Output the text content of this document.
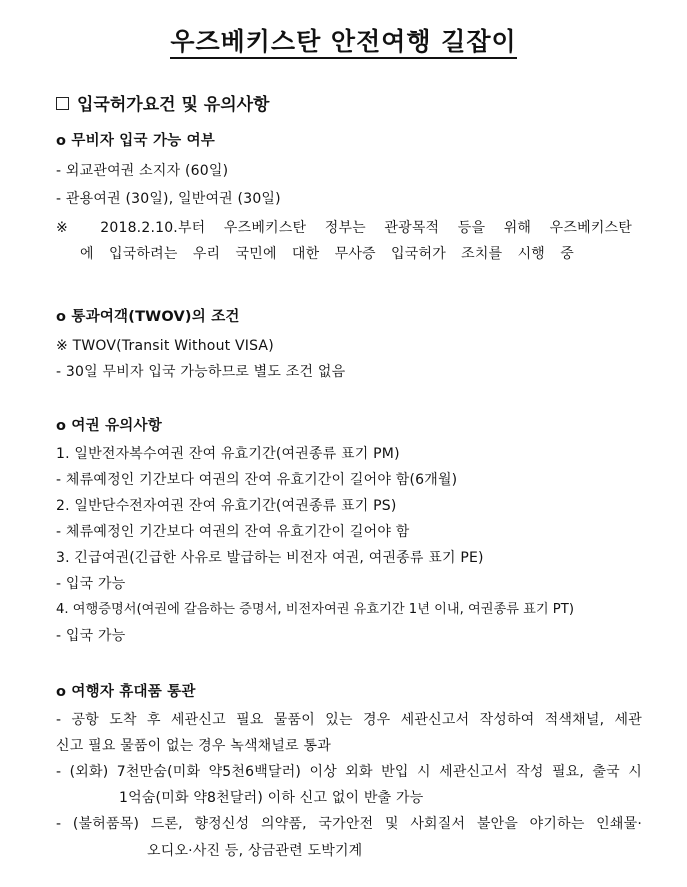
우즈베키스탄 안전여행 길잡이
입국허가요건 및 유의사항
o 무비자 입국 가능 여부
- 외교관여권 소지자 (60일)
- 관용여권 (30일), 일반여권 (30일)
※ 2018.2.10.부터 우즈베키스탄 정부는 관광목적 등을 위해 우즈베키스탄
에 입국하려는 우리 국민에 대한 무사증 입국허가 조치를 시행 중
o 통과여객(TWOV)의 조건
※ TWOV(Transit Without VISA)
- 30일 무비자 입국 가능하므로 별도 조건 없음
o 여권 유의사항
1. 일반전자복수여권 잔여 유효기간(여권종류 표기 PM)
- 체류예정인 기간보다 여권의 잔여 유효기간이 길어야 함(6개월)
2. 일반단수전자여권 잔여 유효기간(여권종류 표기 PS)
- 체류예정인 기간보다 여권의 잔여 유효기간이 길어야 함
3. 긴급여권(긴급한 사유로 발급하는 비전자 여권, 여권종류 표기 PE)
- 입국 가능
4. 여행증명서(여권에 갈음하는 증명서, 비전자여권 유효기간 1년 이내, 여권종류 표기 PT)
- 입국 가능
o 여행자 휴대품 통관
- 공항 도착 후 세관신고 필요 물품이 있는 경우 세관신고서 작성하여 적색채널, 세관
신고 필요 물품이 없는 경우 녹색채널로 통과
- (외화) 7천만숨(미화 약5천6백달러) 이상 외화 반입 시 세관신고서 작성 필요, 출국 시
1억숨(미화 약8천달러) 이하 신고 없이 반출 가능
- (불허품목) 드론, 향정신성 의약품, 국가안전 및 사회질서 불안을 야기하는 인쇄물·
오디오·사진 등, 상금관련 도박기계
